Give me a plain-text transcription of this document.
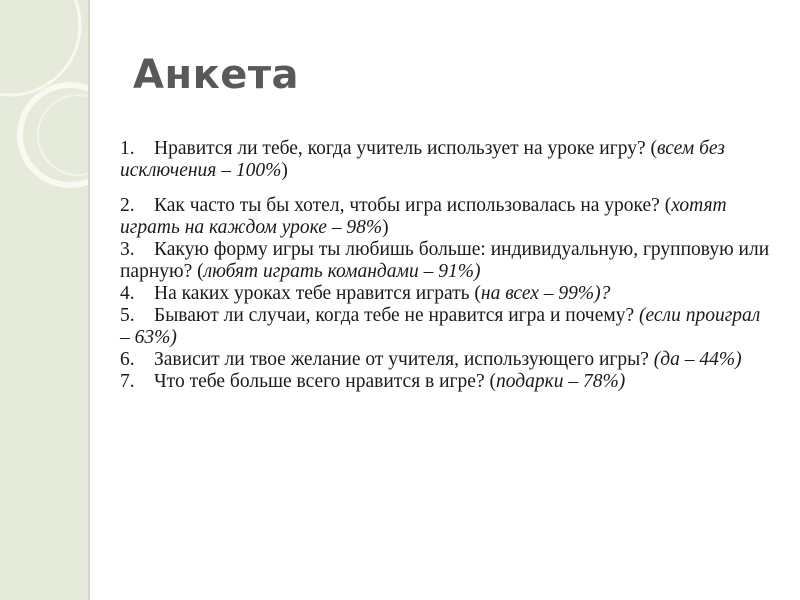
Анкета
1. Нравится ли тебе, когда учитель использует на уроке игру? (всем без исключения – 100%)
2. Как часто ты бы хотел, чтобы игра использовалась на уроке? (хотят играть на каждом уроке – 98%)
3. Какую форму игры ты любишь больше: индивидуальную, групповую или парную? (любят играть командами – 91%)
4. На каких уроках тебе нравится играть (на всех – 99%)?
5. Бывают ли случаи, когда тебе не нравится игра и почему? (если проиграл – 63%)
6. Зависит ли твое желание от учителя, использующего игры? (да – 44%)
7. Что тебе больше всего нравится в игре? (подарки – 78%)
